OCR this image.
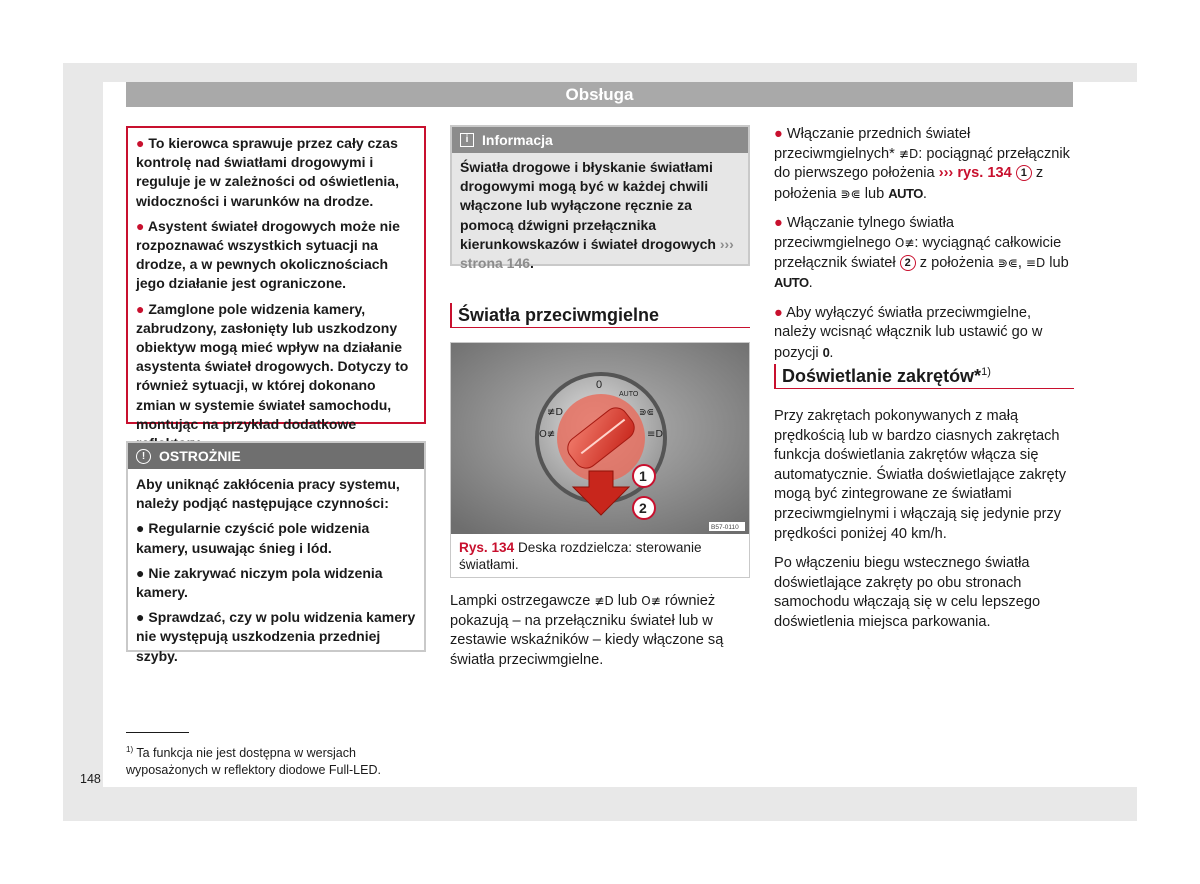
Obsługa

● To kierowca sprawuje przez cały czas kontrolę nad światłami drogowymi i reguluje je w zależności od oświetlenia, widoczności i warunków na drodze.

● Asystent świateł drogowych może nie rozpoznawać wszystkich sytuacji na drodze, a w pewnych okolicznościach jego działanie jest ograniczone.

● Zamglone pole widzenia kamery, zabrudzony, zasłonięty lub uszkodzony obiektyw mogą mieć wpływ na działanie asystenta świateł drogowych. Dotyczy to również sytuacji, w której dokonano zmian w systemie świateł samochodu, montując na przykład dodatkowe

! OSTROŻNIE

Aby uniknąć zakłócenia pracy systemu, należy podjąć następujące czynności:

● Regularnie czyścić pole widzenia kamery, usuwając śnieg i lód.

● Nie zakrywać niczym pola widzenia kamery.

● Sprawdzać, czy w polu widzenia kamery nie występują uszkodzenia przedniej szyby.

$^{1)}$ Ta funkcja nie jest dostępna w wersjach wyposażonych w reflektory diodowe Full-LED.
148
i Informacja
Światła drogowe i błyskanie światłami drogowymi mogą być w każdej chwili włączone lub wyłączone ręcznie za pomocą dźwigni przełącznika kierunkowskazów i świateł drogowych ››› strona 146.
Światła przeciwmgielne
0
AUTO
≢D
O≢
⋑⋐
≡D
1
2
B57-0110
Rys. 134 Deska rozdzielcza: sterowanie światłami.
Lampki ostrzegawcze ≢D lub O≢ również pokazują – na przełączniku świateł lub w zestawie wskaźników – kiedy włączone są światła przeciwmgielne.

● Włączanie przednich świateł przeciwmgielnych* ≢D: pociągnąć przełącznik do pierwszego położenia ››› rys. 134 1 z położenia ⋑⋐ lub AUTO.

● Włączanie tylnego światła przeciwmgielnego O≢: wyciągnąć całkowicie przełącznik świateł 2 z położenia ⋑⋐, ≡D lub AUTO.

● Aby wyłączyć światła przeciwmgielne, należy wcisnąć włącznik lub ustawić go w pozycji 0.

Doświetlanie zakrętów*$^{1)}$

Przy zakrętach pokonywanych z małą prędkością lub w bardzo ciasnych zakrętach funkcja doświetlania zakrętów włącza się automatycznie. Światła doświetlające zakręty mogą być zintegrowane ze światłami przeciwmgielnymi i włączają się jedynie przy prędkości poniżej 40 km/h.

Po włączeniu biegu wstecznego światła doświetlające zakręty po obu stronach samochodu włączają się w celu lepszego doświetlenia miejsca parkowania.
